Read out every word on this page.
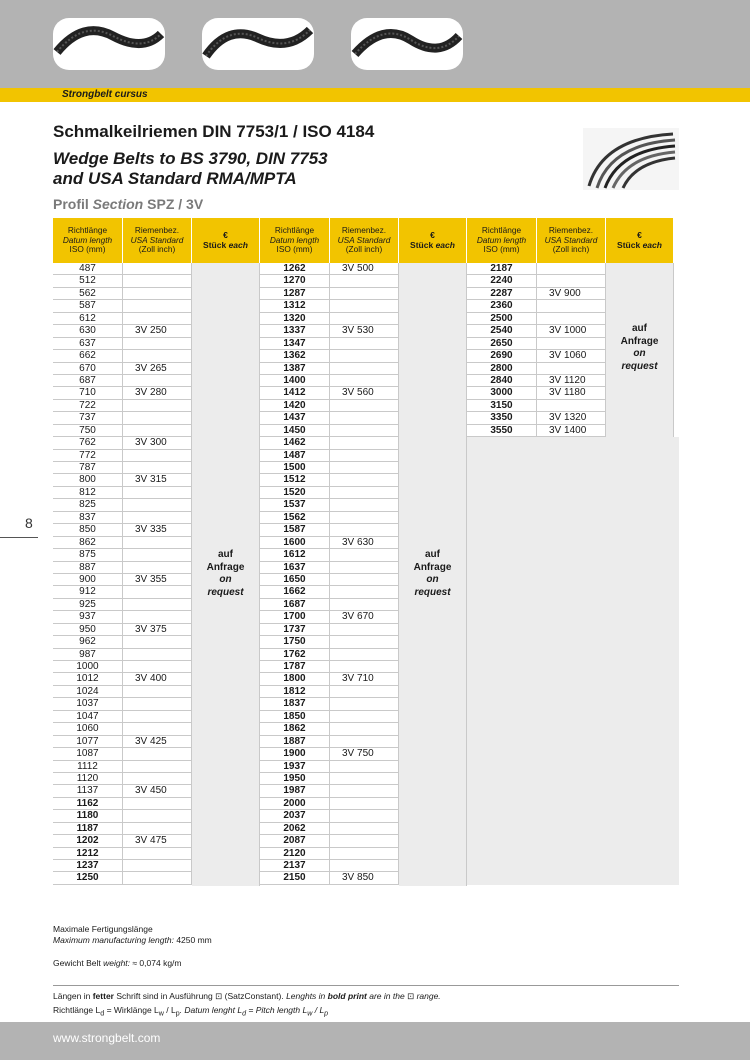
Strongbelt cursus
Schmalkeilriemen DIN 7753/1 / ISO 4184
Wedge Belts to BS 3790, DIN 7753
and USA Standard RMA/MPTA
Profil Section SPZ / 3V
8
Richtlänge
Datum length
ISO (mm)
Riemenbez.
USA Standard
(Zoll inch)
€
Stück each
487
512
562
587
612
630	3V 250
637
662
670	3V 265
687
710	3V 280
722
737
750
762	3V 300
772
787
800	3V 315
812
825
837
850	3V 335
862
875
887
900	3V 355
912
925
937
950	3V 375
962
987
1000
1012	3V 400
1024
1037
1047
1060
1077	3V 425
1087
1112
1120
1137	3V 450
1162
1180
1187
1202	3V 475
1212
1237
1250
auf
Anfrage
on
request
Richtlänge
Datum length
ISO (mm)
Riemenbez.
USA Standard
(Zoll inch)
€
Stück each
1262	3V 500
1270
1287
1312
1320
1337	3V 530
1347
1362
1387
1400
1412	3V 560
1420
1437
1450
1462
1487
1500
1512
1520
1537
1562
1587
1600	3V 630
1612
1637
1650
1662
1687
1700	3V 670
1737
1750
1762
1787
1800	3V 710
1812
1837
1850
1862
1887
1900	3V 750
1937
1950
1987
2000
2037
2062
2087
2120
2137
2150	3V 850
auf
Anfrage
on
request
Richtlänge
Datum length
ISO (mm)
Riemenbez.
USA Standard
(Zoll inch)
€
Stück each
2187
2240
2287	3V 900
2360
2500
2540	3V 1000
2650
2690	3V 1060
2800
2840	3V 1120
3000	3V 1180
3150
3350	3V 1320
3550	3V 1400
auf
Anfrage
on
request
Maximale Fertigungslänge
Maximum manufacturing length: 4250 mm
Gewicht Belt weight: ≈ 0,074 kg/m
Längen in fetter Schrift sind in Ausführung ⊡ (SatzConstant). Lenghts in bold print are in the ⊡ range.
Richtlänge $L_d$ = Wirklänge $L_w / L_p$. Datum lenght $L_d$ = Pitch length $L_w / L_p$
www.strongbelt.com
